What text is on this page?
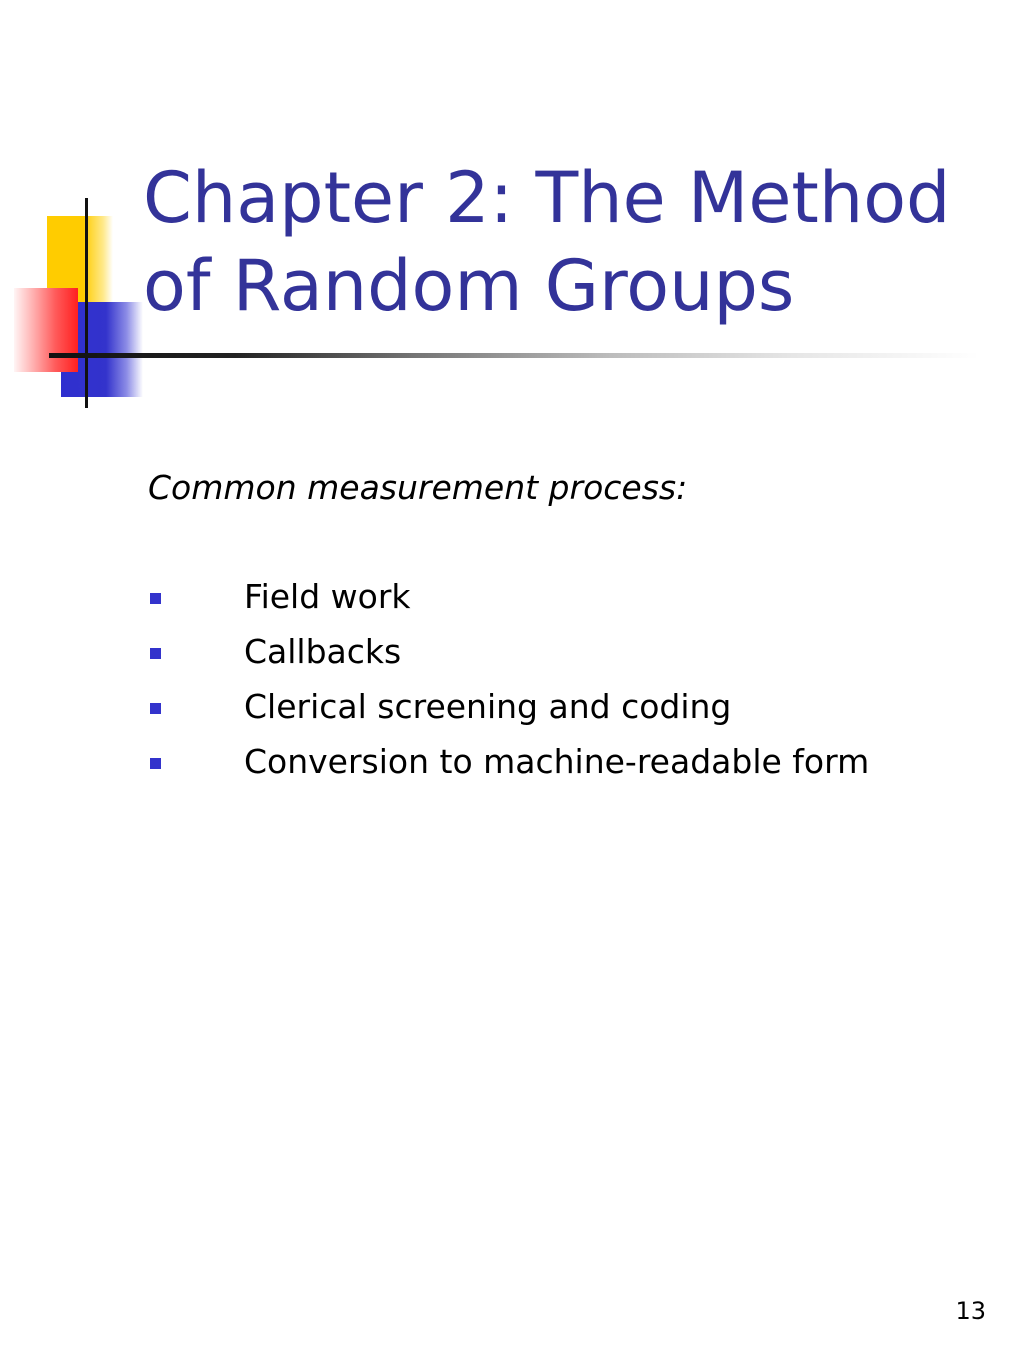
Chapter 2: The Method of Random Groups

Common measurement process:

Field work
Callbacks
Clerical screening and coding
Conversion to machine-readable form
13
